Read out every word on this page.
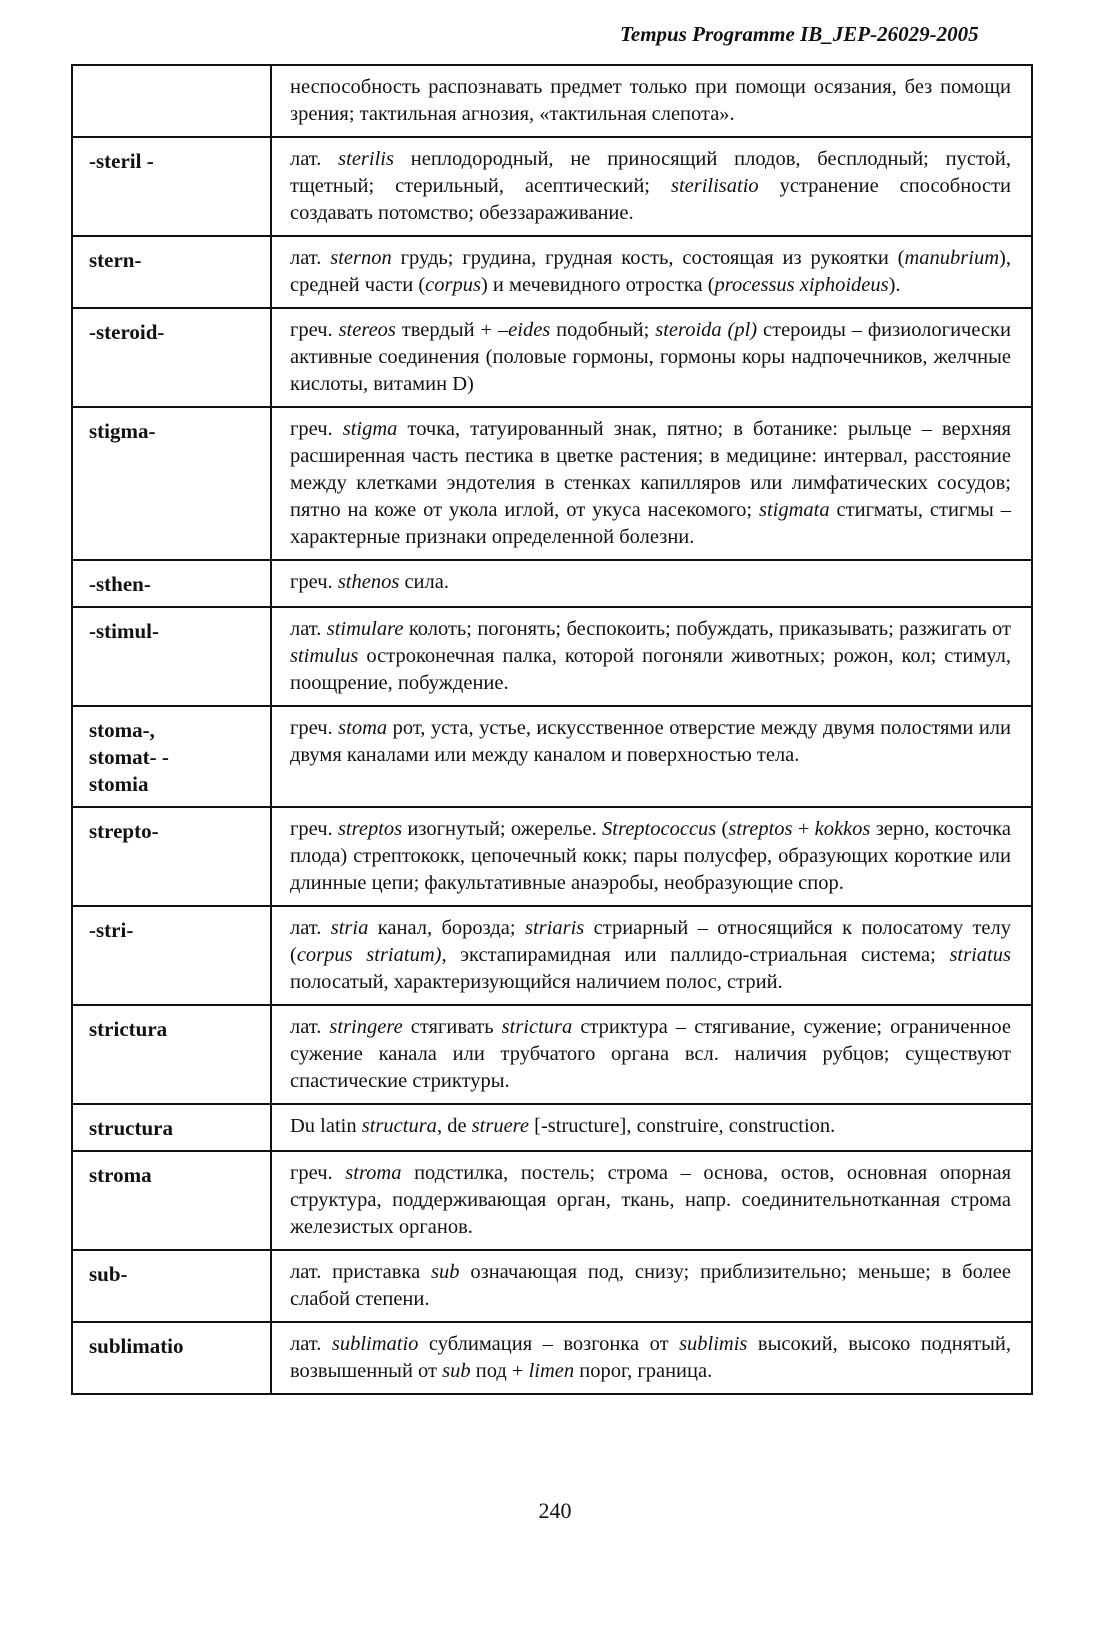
Tempus Programme IB_JEP-26029-2005
	неспособность распознавать предмет только при помощи осязания, без помощи зрения; тактильная агнозия, «тактильная слепота».
-steril -	лат. sterilis неплодородный, не приносящий плодов, бесплодный; пустой, тщетный; стерильный, асептический; sterilisatio устранение способности создавать потомство; обеззараживание.
stern-	лат. sternon грудь; грудина, грудная кость, состоящая из рукоятки (manubrium), средней части (corpus) и мечевидного отростка (processus xiphoideus).
-steroid-	греч. stereos твердый + –eides подобный; steroida (pl) стероиды – физиологически активные соединения (половые гормоны, гормоны коры надпочечников, желчные кислоты, витамин D)
stigma-	греч. stigma точка, татуированный знак, пятно; в ботанике: рыльце – верхняя расширенная часть пестика в цветке растения; в медицине: интервал, расстояние между клетками эндотелия в стенках капилляров или лимфатических сосудов; пятно на коже от укола иглой, от укуса насекомого; stigmata стигматы, стигмы – характерные признаки определенной болезни.
-sthen-	греч. sthenos сила.
-stimul-	лат. stimulare колоть; погонять; беспокоить; побуждать, приказывать; разжигать от stimulus остроконечная палка, которой погоняли животных; рожон, кол; стимул, поощрение, побуждение.
stoma-,
stomat- -
stomia	греч. stoma рот, уста, устье, искусственное отверстие между двумя полостями или двумя каналами или между каналом и поверхностью тела.
strepto-	греч. streptos изогнутый; ожерелье. Streptococcus (streptos + kokkos зерно, косточка плода) стрептококк, цепочечный кокк; пары полусфер, образующих короткие или длинные цепи; факультативные анаэробы, необразующие спор.
-stri-	лат. stria канал, борозда; striaris стриарный – относящийся к полосатому телу (corpus striatum), экстапирамидная или паллидо-стриальная система; striatus полосатый, характеризующийся наличием полос, стрий.
strictura	лат. stringere стягивать strictura стриктура – стягивание, сужение; ограниченное сужение канала или трубчатого органа всл. наличия рубцов; существуют спастические стриктуры.
structura	Du latin structura, de struere [-structure], construire, construction.
stroma	греч. stroma подстилка, постель; строма – основа, остов, основная опорная структура, поддерживающая орган, ткань, напр. соединительнотканная строма железистых органов.
sub-	лат. приставка sub означающая под, снизу; приблизительно; меньше; в более слабой степени.
sublimatio	лат. sublimatio сублимация – возгонка от sublimis высокий, высоко поднятый, возвышенный от sub под + limen порог, граница.
240
